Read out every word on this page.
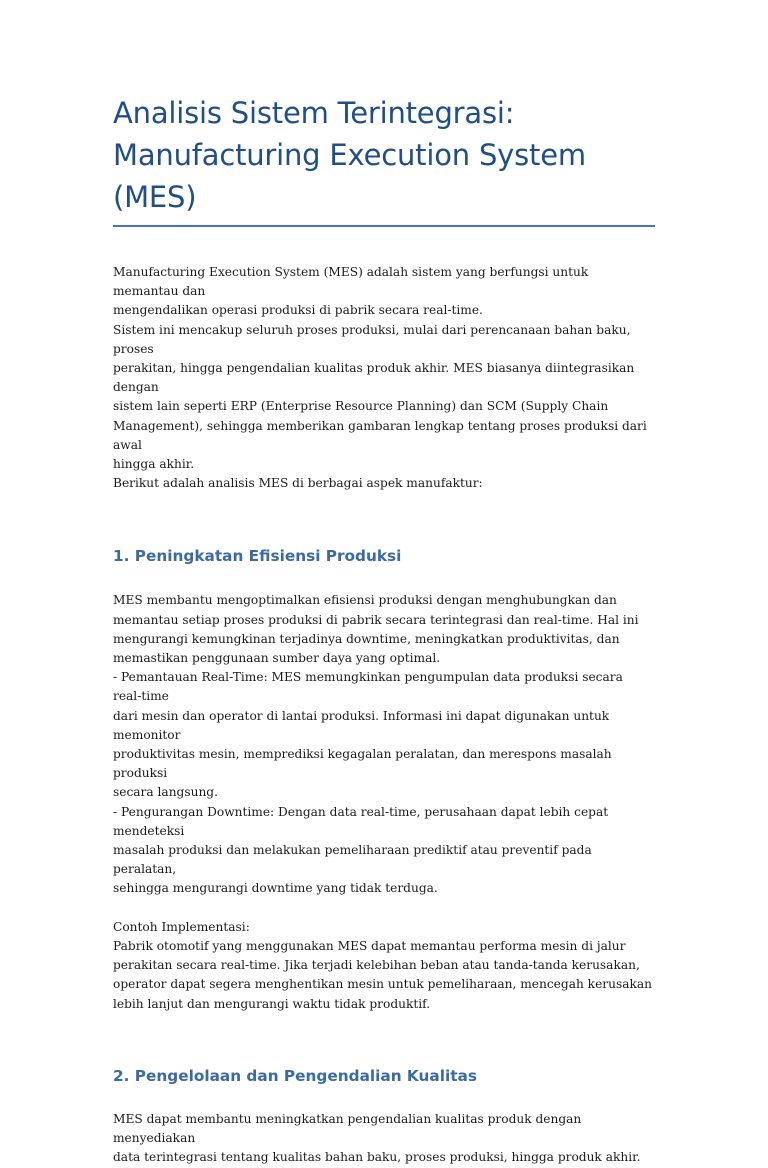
Analisis Sistem Terintegrasi:
Manufacturing Execution System (MES)

Manufacturing Execution System (MES) adalah sistem yang berfungsi untuk memantau dan
mengendalikan operasi produksi di pabrik secara real-time.
Sistem ini mencakup seluruh proses produksi, mulai dari perencanaan bahan baku, proses
perakitan, hingga pengendalian kualitas produk akhir. MES biasanya diintegrasikan dengan
sistem lain seperti ERP (Enterprise Resource Planning) dan SCM (Supply Chain
Management), sehingga memberikan gambaran lengkap tentang proses produksi dari awal
hingga akhir.
Berikut adalah analisis MES di berbagai aspek manufaktur:

1. Peningkatan Efisiensi Produksi

MES membantu mengoptimalkan efisiensi produksi dengan menghubungkan dan
memantau setiap proses produksi di pabrik secara terintegrasi dan real-time. Hal ini
mengurangi kemungkinan terjadinya downtime, meningkatkan produktivitas, dan
memastikan penggunaan sumber daya yang optimal.
- Pemantauan Real-Time: MES memungkinkan pengumpulan data produksi secara real-time
dari mesin dan operator di lantai produksi. Informasi ini dapat digunakan untuk memonitor
produktivitas mesin, memprediksi kegagalan peralatan, dan merespons masalah produksi
secara langsung.
- Pengurangan Downtime: Dengan data real-time, perusahaan dapat lebih cepat mendeteksi
masalah produksi dan melakukan pemeliharaan prediktif atau preventif pada peralatan,
sehingga mengurangi downtime yang tidak terduga.

Contoh Implementasi:
Pabrik otomotif yang menggunakan MES dapat memantau performa mesin di jalur
perakitan secara real-time. Jika terjadi kelebihan beban atau tanda-tanda kerusakan,
operator dapat segera menghentikan mesin untuk pemeliharaan, mencegah kerusakan
lebih lanjut dan mengurangi waktu tidak produktif.

2. Pengelolaan dan Pengendalian Kualitas

MES dapat membantu meningkatkan pengendalian kualitas produk dengan menyediakan
data terintegrasi tentang kualitas bahan baku, proses produksi, hingga produk akhir.
